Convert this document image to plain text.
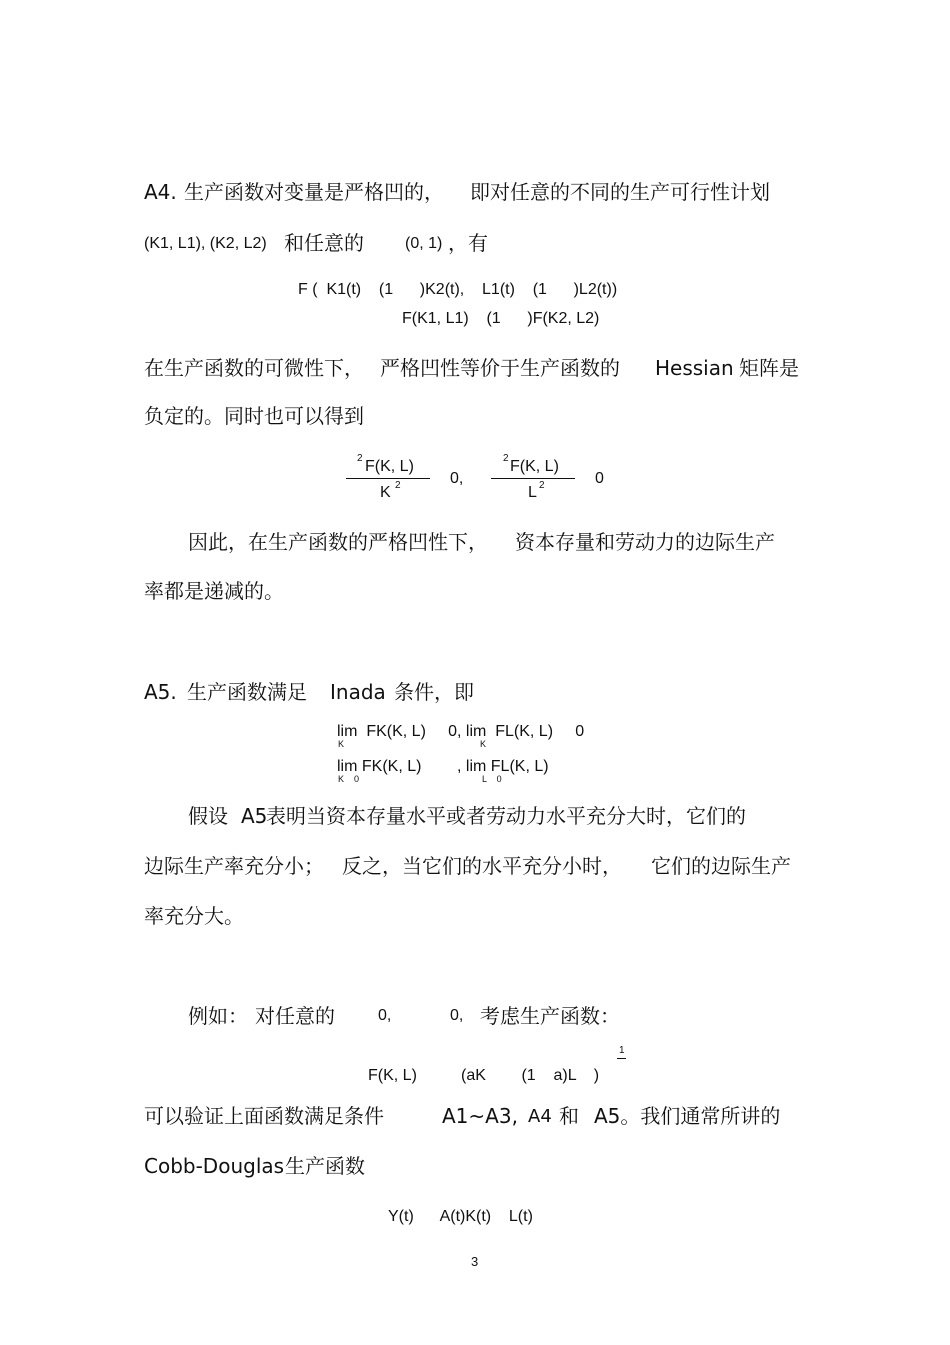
A4. 生产函数对变量是严格凹的， 即对任意的不同的生产可行性计划
(K1, L1), (K2, L2) 和任意的	(0, 1) ，有
F (  K1(t)    (1      )K2(t),    L1(t)    (1      )L2(t))
F(K1, L1)    (1      )F(K2, L2)
在生产函数的可微性下， 严格凹性等价于生产函数的 Hessian 矩阵是
负定的。同时也可以得到
2 F(K, L)
K 2	0,
2 F(K, L)
L 2	0
因此，在生产函数的严格凹性下， 资本存量和劳动力的边际生产
率都是递减的。
A5. 生产函数满足 Inada 条件，即
lim  FK(K, L)     0, lim  FL(K, L)     0
K	K
lim FK(K, L)        , lim FL(K, L)
K    0	L    0
假设 A5
表明当资本存量水平或者劳动力水平充分大时，它们的
边际生产率充分小； 反之，当它们的水平充分小时， 它们的边际生产
率充分大。
例如： 对任意的	0,	0, 考虑生产函数：
F(K, L)	(aK        (1    a)L    )
1
可以验证上面函数满足条件	A1~A3, A4 和 A5。我们通常所讲的
Cobb-Douglas 生产函数
Y(t)      A(t)K(t)    L(t)
3
